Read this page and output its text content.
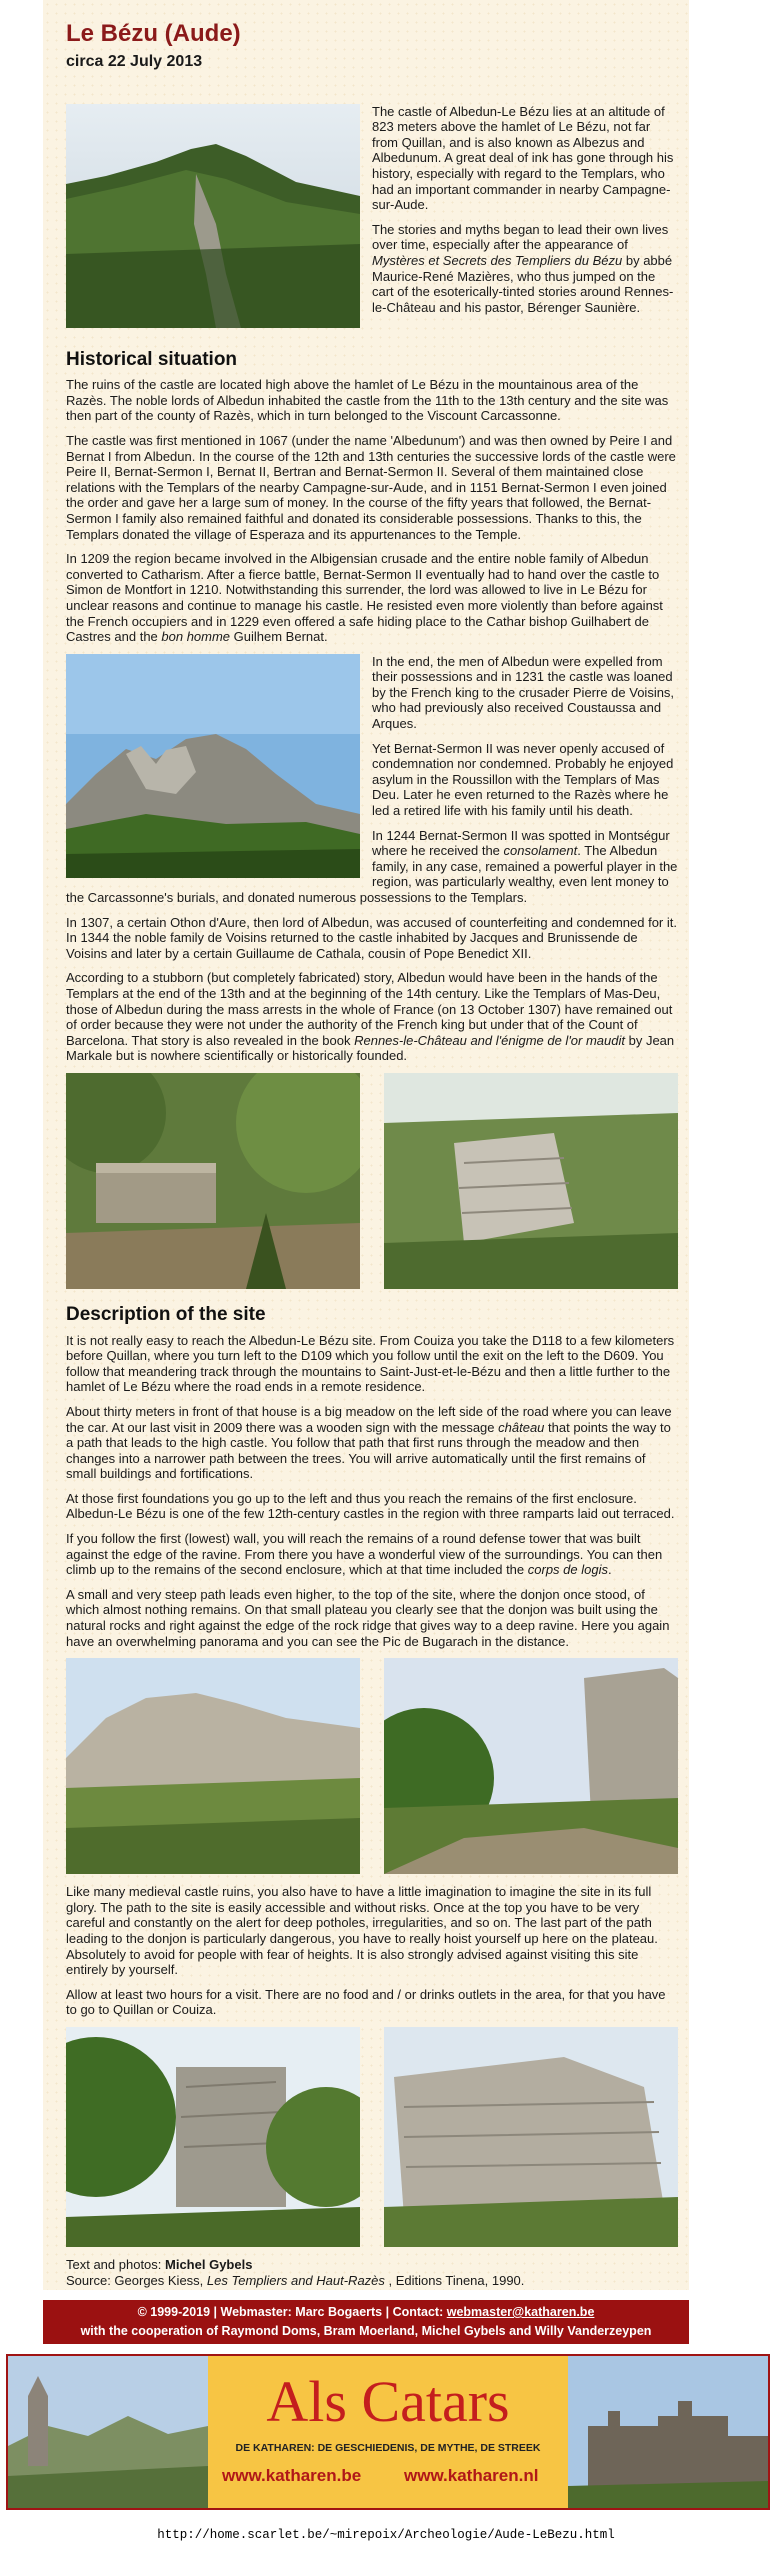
Le Bézu (Aude)
circa 22 July 2013

The castle of Albedun-Le Bézu lies at an altitude of 823 meters above the hamlet of Le Bézu, not far from Quillan, and is also known as Albezus and Albedunum. A great deal of ink has gone through his history, especially with regard to the Templars, who had an important commander in nearby Campagne-sur-Aude.

The stories and myths began to lead their own lives over time, especially after the appearance of Mystères et Secrets des Templiers du Bézu by abbé Maurice-René Mazières, who thus jumped on the cart of the esoterically-tinted stories around Rennes-le-Château and his pastor, Bérenger Saunière.

Historical situation

The ruins of the castle are located high above the hamlet of Le Bézu in the mountainous area of the Razès. The noble lords of Albedun inhabited the castle from the 11th to the 13th century and the site was then part of the county of Razès, which in turn belonged to the Viscount Carcassonne.

The castle was first mentioned in 1067 (under the name 'Albedunum') and was then owned by Peire I and Bernat I from Albedun. In the course of the 12th and 13th centuries the successive lords of the castle were Peire II, Bernat-Sermon I, Bernat II, Bertran and Bernat-Sermon II. Several of them maintained close relations with the Templars of the nearby Campagne-sur-Aude, and in 1151 Bernat-Sermon I even joined the order and gave her a large sum of money. In the course of the fifty years that followed, the Bernat-Sermon I family also remained faithful and donated its considerable possessions. Thanks to this, the Templars donated the village of Esperaza and its appurtenances to the Temple.

In 1209 the region became involved in the Albigensian crusade and the entire noble family of Albedun converted to Catharism. After a fierce battle, Bernat-Sermon II eventually had to hand over the castle to Simon de Montfort in 1210. Notwithstanding this surrender, the lord was allowed to live in Le Bézu for unclear reasons and continue to manage his castle. He resisted even more violently than before against the French occupiers and in 1229 even offered a safe hiding place to the Cathar bishop Guilhabert de Castres and the bon homme Guilhem Bernat.

In the end, the men of Albedun were expelled from their possessions and in 1231 the castle was loaned by the French king to the crusader Pierre de Voisins, who had previously also received Coustaussa and Arques.

Yet Bernat-Sermon II was never openly accused of condemnation nor condemned. Probably he enjoyed asylum in the Roussillon with the Templars of Mas Deu. Later he even returned to the Razès where he led a retired life with his family until his death.

In 1244 Bernat-Sermon II was spotted in Montségur where he received the consolament. The Albedun family, in any case, remained a powerful player in the region, was particularly wealthy, even lent money to the Carcassonne's burials, and donated numerous possessions to the Templars.

In 1307, a certain Othon d'Aure, then lord of Albedun, was accused of counterfeiting and condemned for it. In 1344 the noble family de Voisins returned to the castle inhabited by Jacques and Brunissende de Voisins and later by a certain Guillaume de Cathala, cousin of Pope Benedict XII.

According to a stubborn (but completely fabricated) story, Albedun would have been in the hands of the Templars at the end of the 13th and at the beginning of the 14th century. Like the Templars of Mas-Deu, those of Albedun during the mass arrests in the whole of France (on 13 October 1307) have remained out of order because they were not under the authority of the French king but under that of the Count of Barcelona. That story is also revealed in the book Rennes-le-Château and l'énigme de l'or maudit by Jean Markale but is nowhere scientifically or historically founded.

Description of the site

It is not really easy to reach the Albedun-Le Bézu site. From Couiza you take the D118 to a few kilometers before Quillan, where you turn left to the D109 which you follow until the exit on the left to the D609. You follow that meandering track through the mountains to Saint-Just-et-le-Bézu and then a little further to the hamlet of Le Bézu where the road ends in a remote residence.

About thirty meters in front of that house is a big meadow on the left side of the road where you can leave the car. At our last visit in 2009 there was a wooden sign with the message château that points the way to a path that leads to the high castle. You follow that path that first runs through the meadow and then changes into a narrower path between the trees. You will arrive automatically until the first remains of small buildings and fortifications.

At those first foundations you go up to the left and thus you reach the remains of the first enclosure. Albedun-Le Bézu is one of the few 12th-century castles in the region with three ramparts laid out terraced.

If you follow the first (lowest) wall, you will reach the remains of a round defense tower that was built against the edge of the ravine. From there you have a wonderful view of the surroundings. You can then climb up to the remains of the second enclosure, which at that time included the corps de logis.

A small and very steep path leads even higher, to the top of the site, where the donjon once stood, of which almost nothing remains. On that small plateau you clearly see that the donjon was built using the natural rocks and right against the edge of the rock ridge that gives way to a deep ravine. Here you again have an overwhelming panorama and you can see the Pic de Bugarach in the distance.

Like many medieval castle ruins, you also have to have a little imagination to imagine the site in its full glory. The path to the site is easily accessible and without risks. Once at the top you have to be very careful and constantly on the alert for deep potholes, irregularities, and so on. The last part of the path leading to the donjon is particularly dangerous, you have to really hoist yourself up here on the plateau. Absolutely to avoid for people with fear of heights. It is also strongly advised against visiting this site entirely by yourself.

Allow at least two hours for a visit. There are no food and / or drinks outlets in the area, for that you have to go to Quillan or Couiza.

Text and photos: Michel Gybels
Source: Georges Kiess, Les Templiers and Haut-Razès , Editions Tinena, 1990.
© 1999-2019 | Webmaster: Marc Bogaerts | Contact: webmaster@katharen.be
with the cooperation of Raymond Doms, Bram Moerland, Michel Gybels and Willy Vanderzeypen
Als Catars
DE KATHAREN: DE GESCHIEDENIS, DE MYTHE, DE STREEK
www.katharen.be	www.katharen.nl
http://home.scarlet.be/~mirepoix/Archeologie/Aude-LeBezu.html
